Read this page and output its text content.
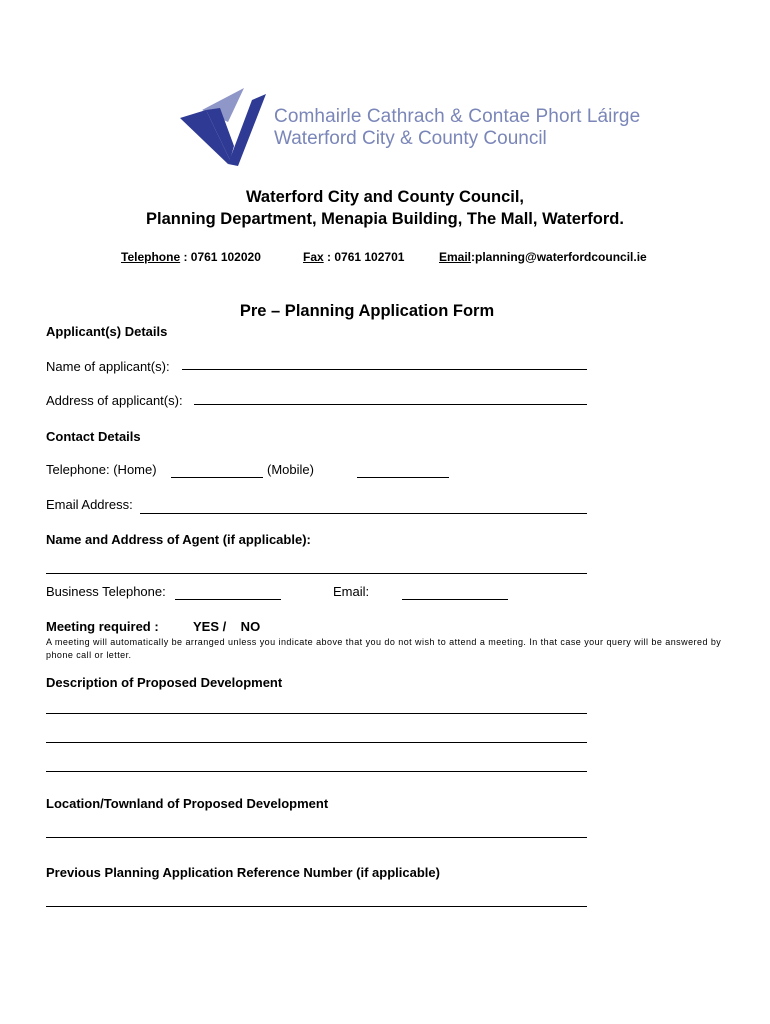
Comhairle Cathrach & Contae Phort Láirge
Waterford City & County Council
Waterford City and County Council,
Planning Department, Menapia Building, The Mall, Waterford.
Telephone : 0761 102020	Fax : 0761 102701	Email:planning@waterfordcouncil.ie
Pre – Planning Application Form
Applicant(s) Details
Name of applicant(s):
Address of applicant(s):
Contact Details
Telephone: (Home)	(Mobile)
Email Address:
Name and Address of Agent (if applicable):
Business Telephone:	Email:
Meeting required :	YES /    NO
A meeting will automatically be arranged unless you indicate above that you do not wish to attend a meeting. In that case your query will be answered by phone call or letter.
Description of Proposed Development
Location/Townland of Proposed Development
Previous Planning Application Reference Number (if applicable)
